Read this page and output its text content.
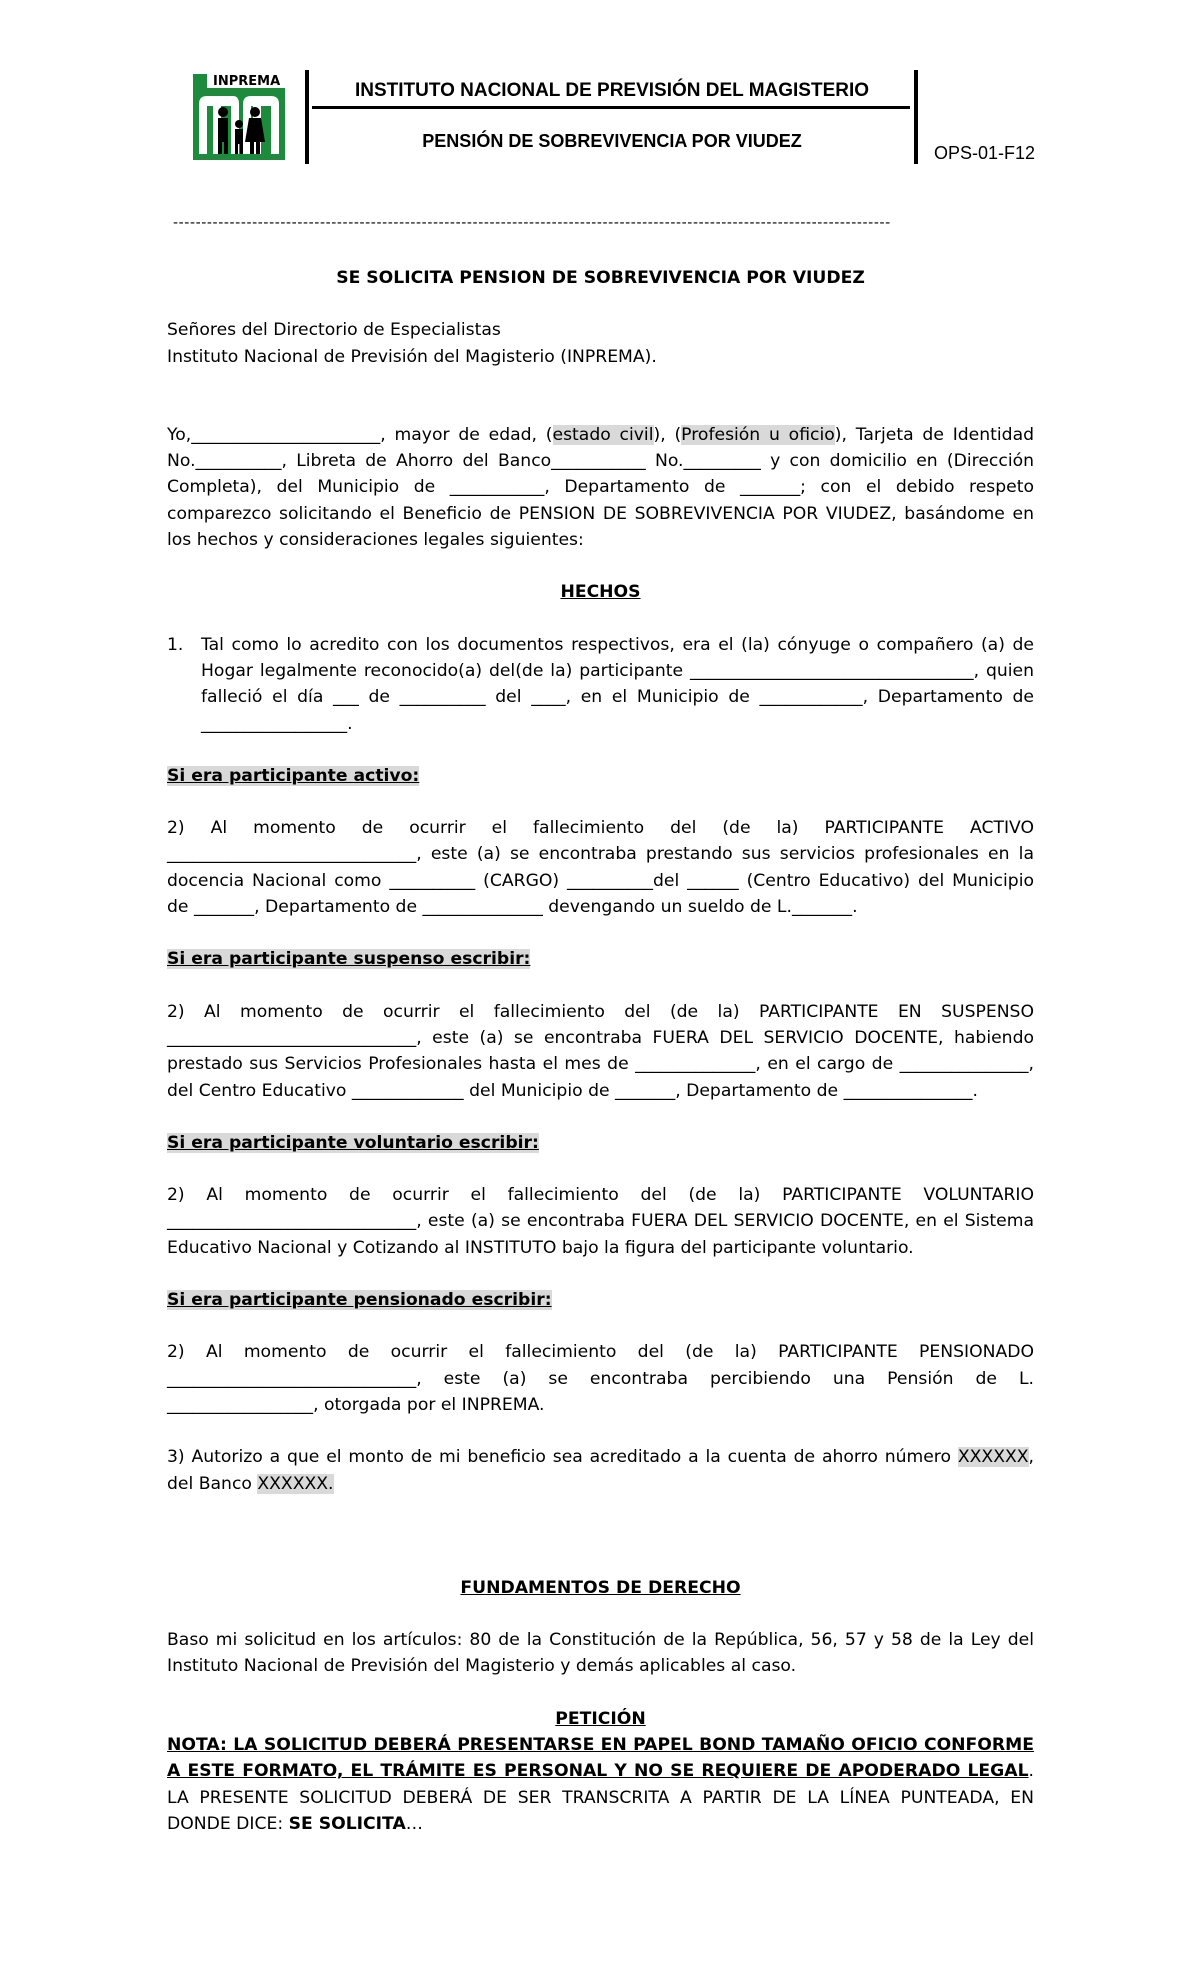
INPREMA	INSTITUTO NACIONAL DE PREVISIÓN DEL MAGISTERIO
PENSIÓN DE SOBREVIVENCIA POR VIUDEZ
OPS-01-F12
-------------------------------------------------------------------------------------------------------------------------------

SE SOLICITA PENSION DE SOBREVIVENCIA POR VIUDEZ

Señores del Directorio de Especialistas

Instituto Nacional de Previsión del Magisterio (INPREMA).

Yo,______________________, mayor de edad, (estado civil), (Profesión u oficio), Tarjeta de Identidad No.__________, Libreta de Ahorro del Banco___________ No._________ y con domicilio en (Dirección Completa), del Municipio de ___________, Departamento de _______; con el debido respeto comparezco solicitando el Beneficio de PENSION DE SOBREVIVENCIA POR VIUDEZ, basándome en los hechos y consideraciones legales siguientes:

HECHOS

1.	Tal como lo acredito con los documentos respectivos, era el (la) cónyuge o compañero (a) de Hogar legalmente reconocido(a) del(de la) participante _________________________________, quien falleció el día ___ de __________ del ____, en el Municipio de ____________, Departamento de _________________.

Si era participante activo:

2) Al momento de ocurrir el fallecimiento del (de la) PARTICIPANTE ACTIVO _____________________________, este (a) se encontraba prestando sus servicios profesionales en la docencia Nacional como __________ (CARGO) __________del ______ (Centro Educativo) del Municipio de _______, Departamento de ______________ devengando un sueldo de L._______.

Si era participante suspenso escribir:

2) Al momento de ocurrir el fallecimiento del (de la) PARTICIPANTE EN SUSPENSO _____________________________, este (a) se encontraba FUERA DEL SERVICIO DOCENTE, habiendo prestado sus Servicios Profesionales hasta el mes de ______________, en el cargo de _______________, del Centro Educativo _____________ del Municipio de _______, Departamento de _______________.

Si era participante voluntario escribir:

2) Al momento de ocurrir el fallecimiento del (de la) PARTICIPANTE VOLUNTARIO _____________________________, este (a) se encontraba FUERA DEL SERVICIO DOCENTE, en el Sistema Educativo Nacional y Cotizando al INSTITUTO bajo la figura del participante voluntario.

Si era participante pensionado escribir:

2) Al momento de ocurrir el fallecimiento del (de la) PARTICIPANTE PENSIONADO _____________________________, este (a) se encontraba percibiendo una Pensión de L. _________________, otorgada por el INPREMA.

3) Autorizo a que el monto de mi beneficio sea acreditado a la cuenta de ahorro número XXXXXX, del Banco XXXXXX.

FUNDAMENTOS DE DERECHO

Baso mi solicitud en los artículos: 80 de la Constitución de la República, 56, 57 y 58 de la Ley del Instituto Nacional de Previsión del Magisterio y demás aplicables al caso.

PETICIÓN

NOTA: LA SOLICITUD DEBERÁ PRESENTARSE EN PAPEL BOND TAMAÑO OFICIO CONFORME A ESTE FORMATO, EL TRÁMITE ES PERSONAL Y NO SE REQUIERE DE APODERADO LEGAL. LA PRESENTE SOLICITUD DEBERÁ DE SER TRANSCRITA A PARTIR DE LA LÍNEA PUNTEADA, EN DONDE DICE: SE SOLICITA…
